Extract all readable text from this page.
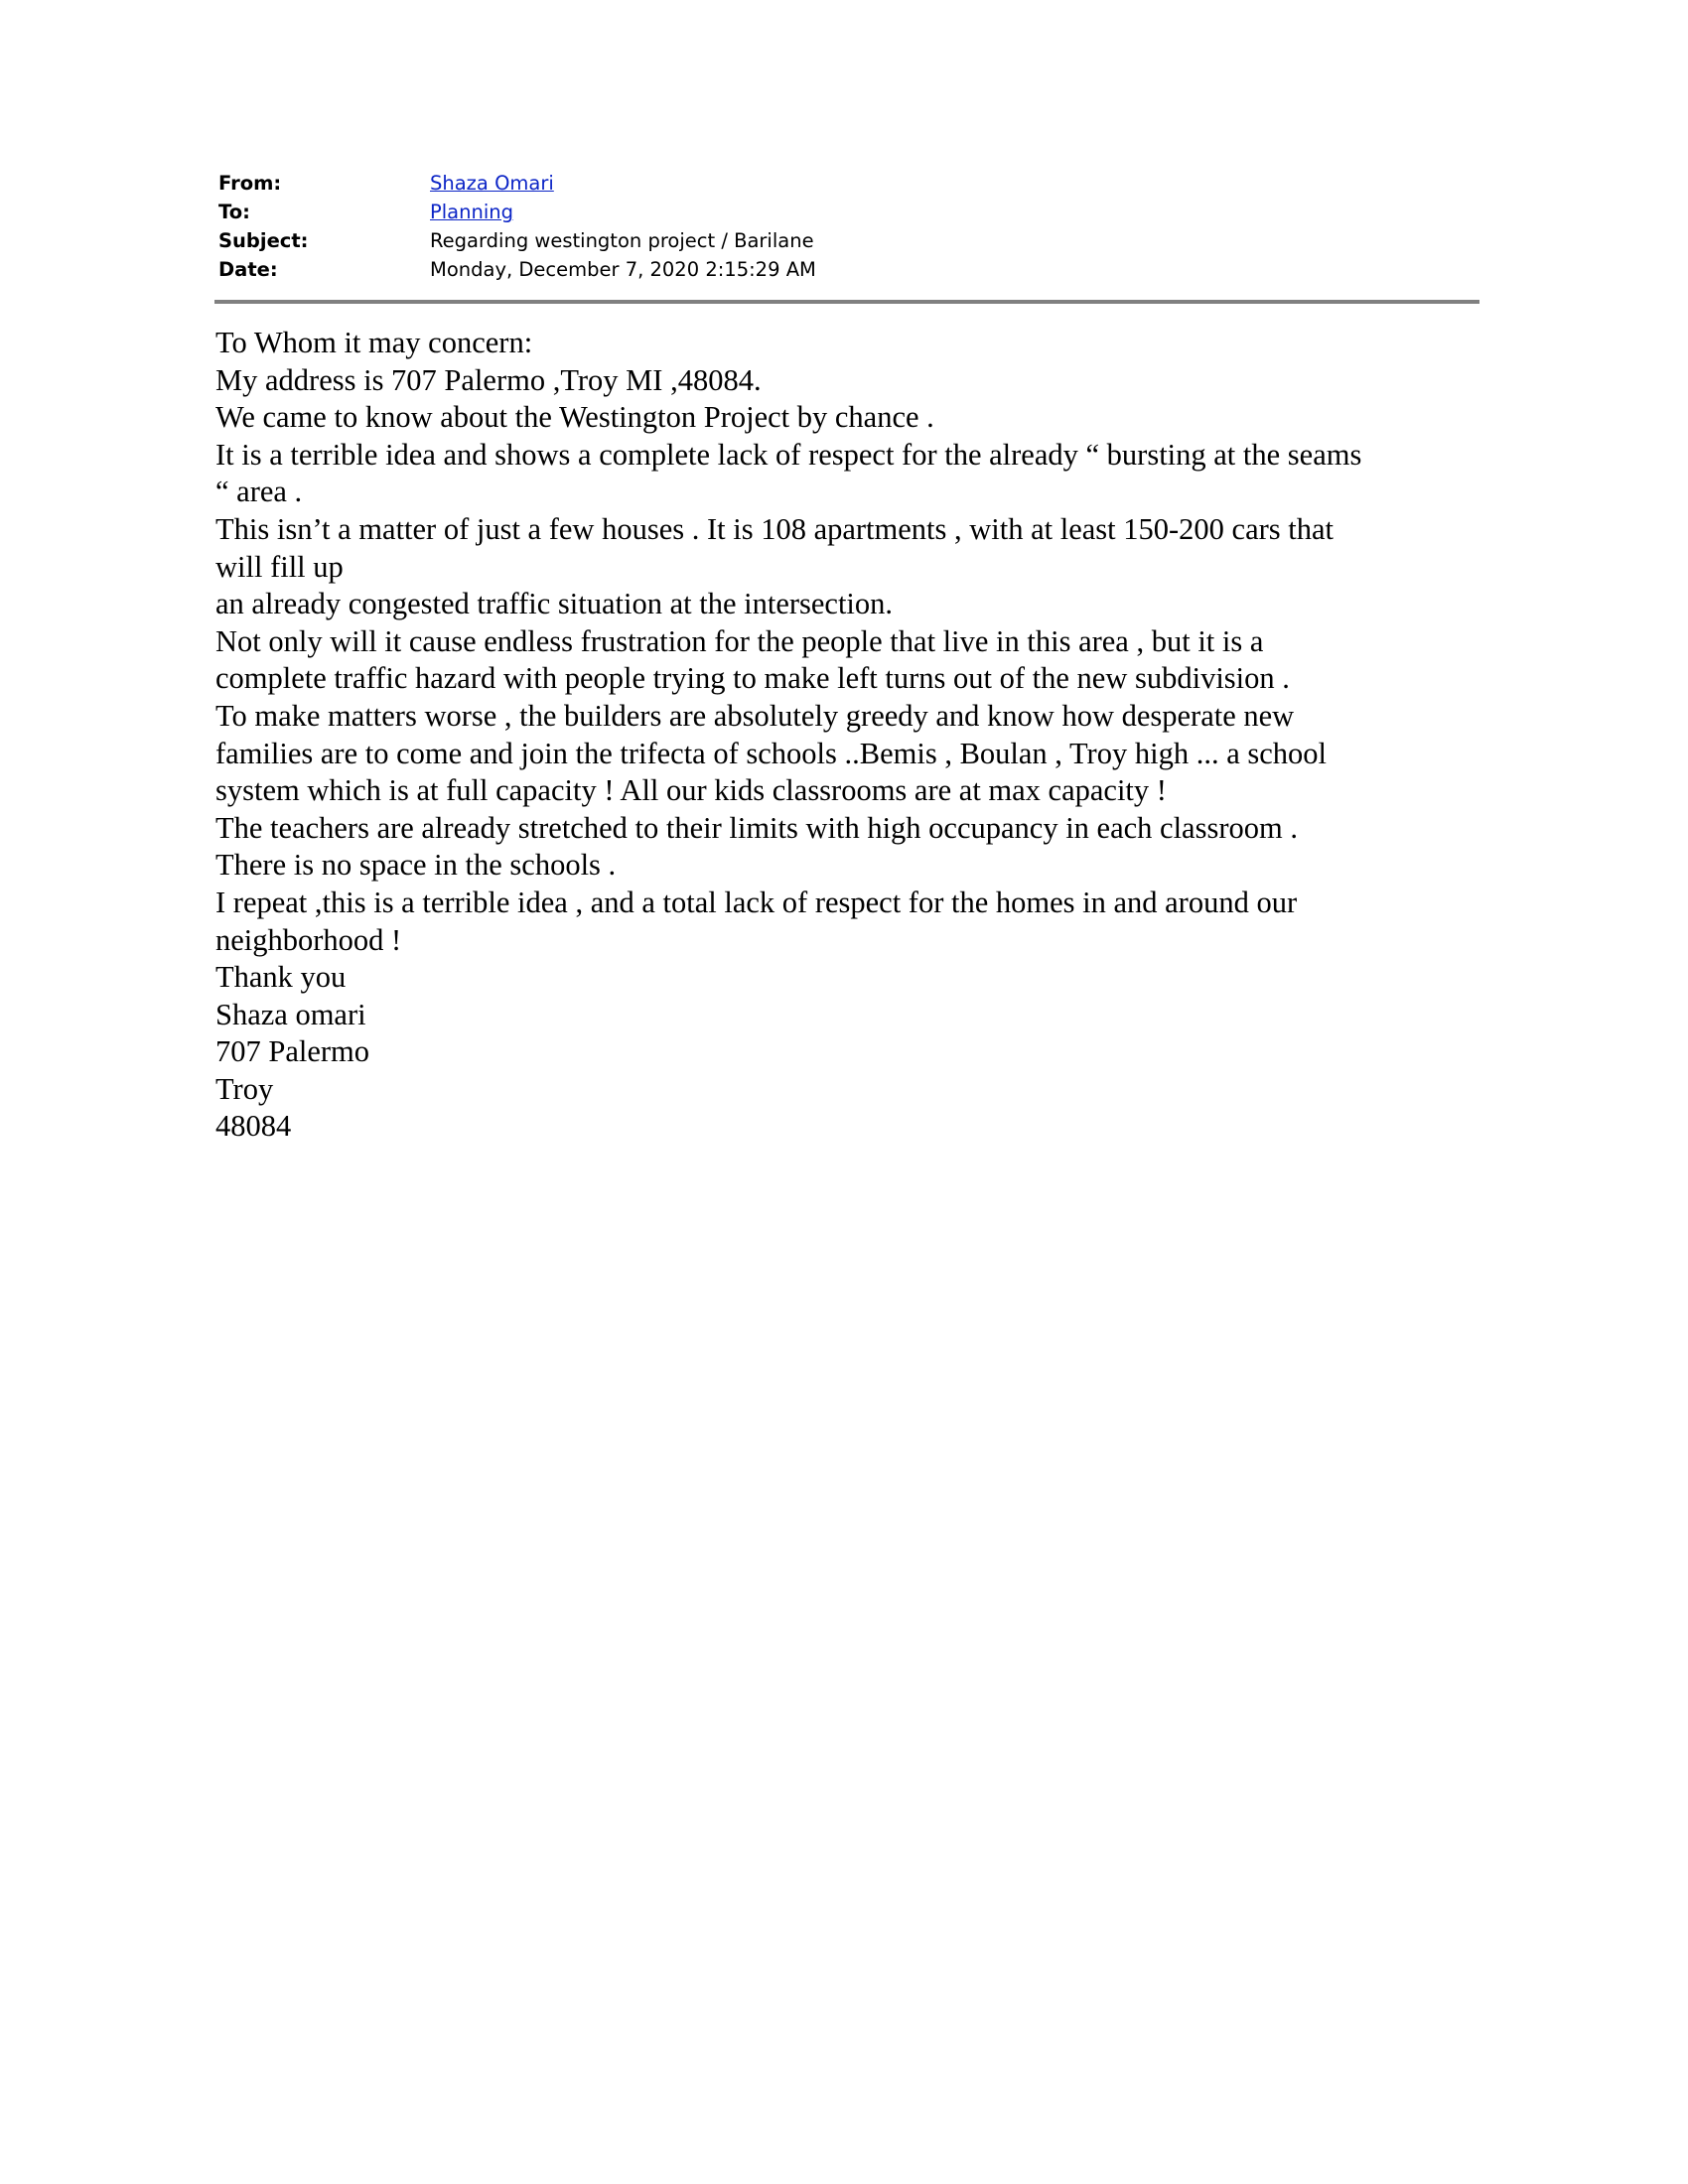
From:	Shaza Omari
To:	Planning
Subject:	Regarding westington project / Barilane
Date:	Monday, December 7, 2020 2:15:29 AM

To Whom it may concern:

My address is 707 Palermo ,Troy MI ,48084.

We came to know about the Westington Project by chance .

It is a terrible idea and shows a complete lack of respect for the already “ bursting at the seams

“ area .

This isn’t a matter of just a few houses . It is 108 apartments , with at least 150-200 cars that

will fill up

an already congested traffic situation at the intersection.

Not only will it cause endless frustration for the people that live in this area , but it is a

complete traffic hazard with people trying to make left turns out of the new subdivision .

To make matters worse , the builders are absolutely greedy and know how desperate new

families are to come and join the trifecta of schools ..Bemis , Boulan , Troy high ... a school

system which is at full capacity ! All our kids classrooms are at max capacity !

The teachers are already stretched to their limits with high occupancy in each classroom .

There is no space in the schools .

I repeat ,this is a terrible idea , and a total lack of respect for the homes in and around our

neighborhood !

Thank you

Shaza omari

707 Palermo

Troy

48084
